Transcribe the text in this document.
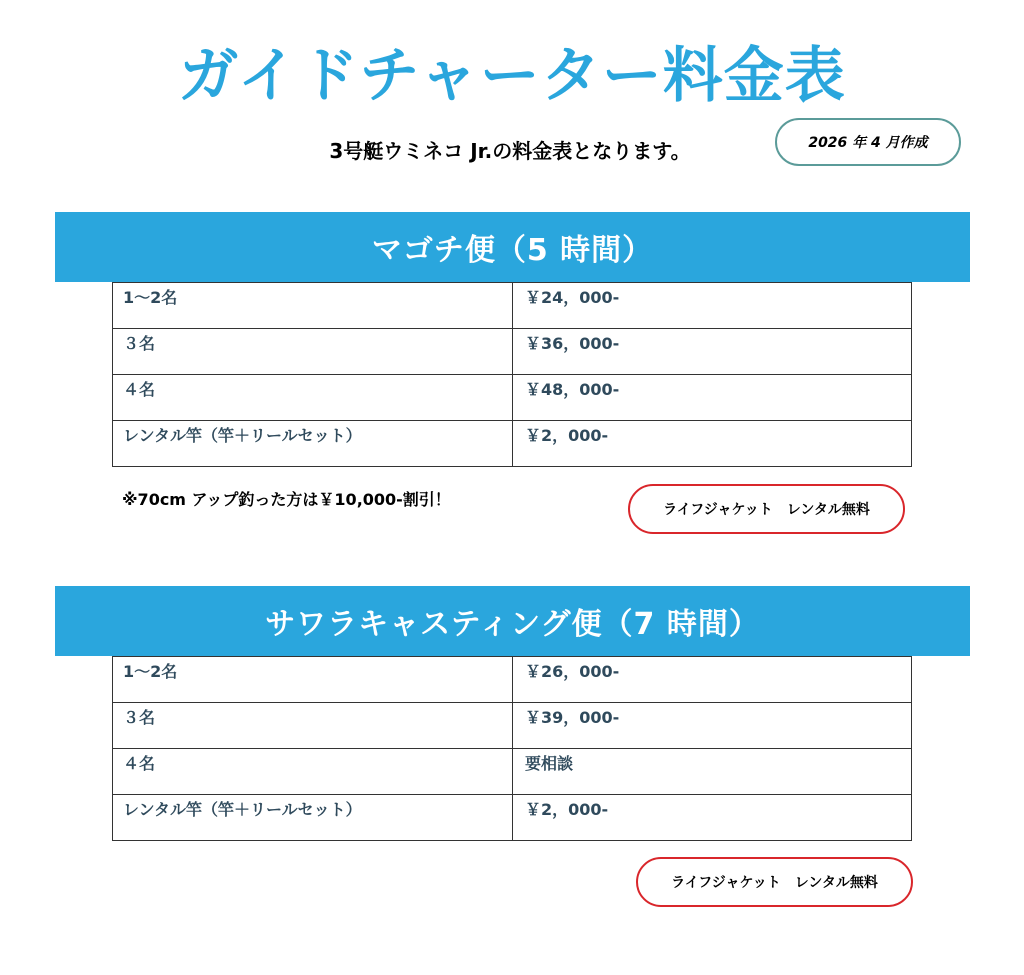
ガイドチャーター料金表
3号艇ウミネコ Jr.の料金表となります。	2026 年 4 月作成
マゴチ便（5 時間）
1～2名	￥24，000-
３名	￥36，000-
４名	￥48，000-
レンタル竿（竿＋リールセット）	￥2，000-
※70cm アップ釣った方は￥10,000-割引！
ライフジャケット　レンタル無料
サワラキャスティング便（7 時間）
1～2名	￥26，000-
３名	￥39，000-
４名	要相談
レンタル竿（竿＋リールセット）	￥2，000-
ライフジャケット　レンタル無料
